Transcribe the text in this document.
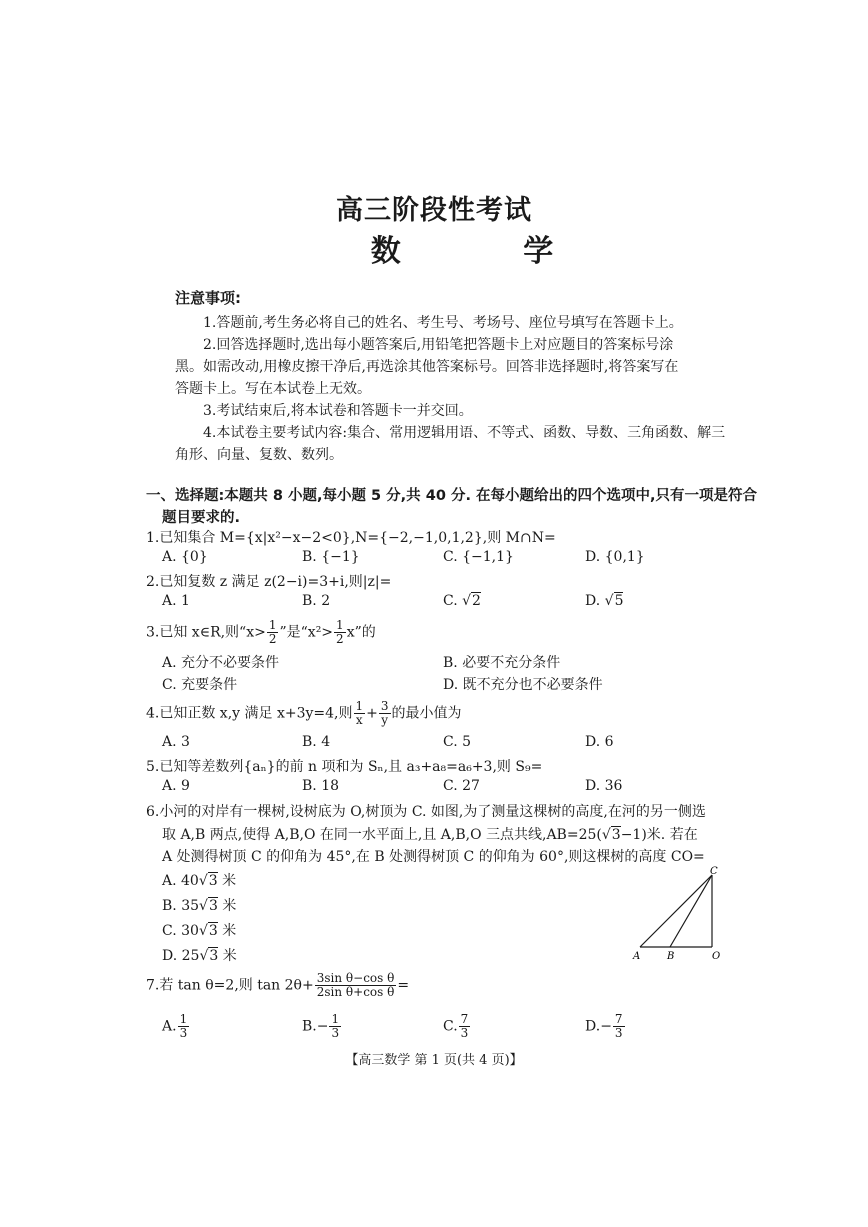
高三阶段性考试
数 学
注意事项:
1.答题前,考生务必将自己的姓名、考生号、考场号、座位号填写在答题卡上。
2.回答选择题时,选出每小题答案后,用铅笔把答题卡上对应题目的答案标号涂
黑。如需改动,用橡皮擦干净后,再选涂其他答案标号。回答非选择题时,将答案写在
答题卡上。写在本试卷上无效。
3.考试结束后,将本试卷和答题卡一并交回。
4.本试卷主要考试内容:集合、常用逻辑用语、不等式、函数、导数、三角函数、解三
角形、向量、复数、数列。
一、选择题:本题共 8 小题,每小题 5 分,共 40 分. 在每小题给出的四个选项中,只有一项是符合
题目要求的.
1.已知集合 M={x|x²−x−2<0},N={−2,−1,0,1,2},则 M∩N=
A. {0}	B. {−1}	C. {−1,1}	D. {0,1}
2.已知复数 z 满足 z(2−i)=3+i,则|z|=
A. 1	B. 2	C. √2	D. √5
3.已知 x∈R,则“$x> \frac{1}{2}$ ”是“$x^2> \frac{1}{2} x$”的
A. 充分不必要条件	B. 必要不充分条件
C. 充要条件	D. 既不充分也不必要条件
4.已知正数 x,y 满足 x+3y=4,则 $\frac{1}{x} + \frac{3}{y}$ 的最小值为
A. 3	B. 4	C. 5	D. 6
5.已知等差数列{aₙ}的前 n 项和为 Sₙ,且 a₃+a₈=a₆+3,则 S₉=
A. 9	B. 18	C. 27	D. 36
6.小河的对岸有一棵树,设树底为 O,树顶为 C. 如图,为了测量这棵树的高度,在河的另一侧选
取 A,B 两点,使得 A,B,O 在同一水平面上,且 A,B,O 三点共线,AB=25(√3−1)米. 若在
A 处测得树顶 C 的仰角为 45°,在 B 处测得树顶 C 的仰角为 60°,则这棵树的高度 CO=
A. 40√3 米
B. 35√3 米
C. 30√3 米
D. 25√3 米
C
A	B	O
7.若 tan θ=2,则 $\tan 2\theta+ \frac{\text{3sin θ−cos θ}}{\text{2sin θ+cos θ}}$ =
A. $\frac{1}{3}$	$B.- \frac{1}{3}$	C. $\frac{7}{3}$	$D.- \frac{7}{3}$
【高三数学 第 1 页(共 4 页)】
